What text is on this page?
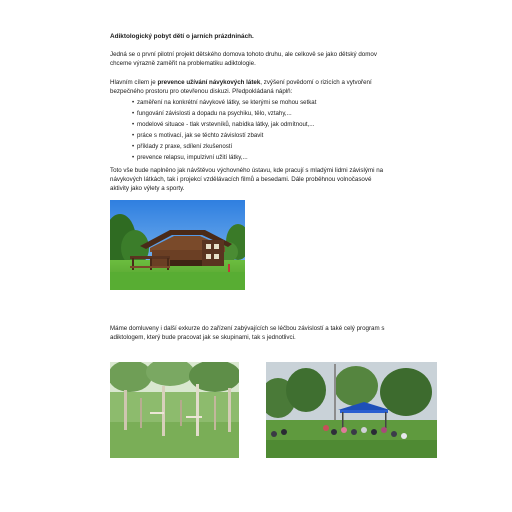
Adiktologický pobyt dětí o jarních prázdninách.
Jedná se o první pilotní projekt dětského domova tohoto druhu, ale celkově se jako dětský domov
chceme výrazně zaměřit na problematiku adiktologie.
Hlavním cílem je prevence užívání návykových látek, zvýšení povědomí o rizicích a vytvoření
bezpečného prostoru pro otevřenou diskuzi. Předpokládaná náplň:
• zaměření na konkrétní návykové látky, se kterými se mohou setkat
• fungování závislosti a dopadu na psychiku, tělo, vztahy,...
• modelové situace - tlak vrstevníků, nabídka látky, jak odmítnout,...
• práce s motivací, jak se těchto závislostí zbavit
• příklady z praxe, sdílení zkušeností
• prevence relapsu, impulzivní užití látky,...
Toto vše bude naplněno jak návštěvou výchovného ústavu, kde pracují s mladými lidmi závislými na
návykových látkách, tak i projekcí vzdělávacích filmů a besedami. Dále proběhnou volnočasové
aktivity jako výlety a sporty.
Máme domluveny i další exkurze do zařízení zabývajících se léčbou závislostí a také celý program s
adiktologem, který bude pracovat jak se skupinami, tak s jednotlivci.
